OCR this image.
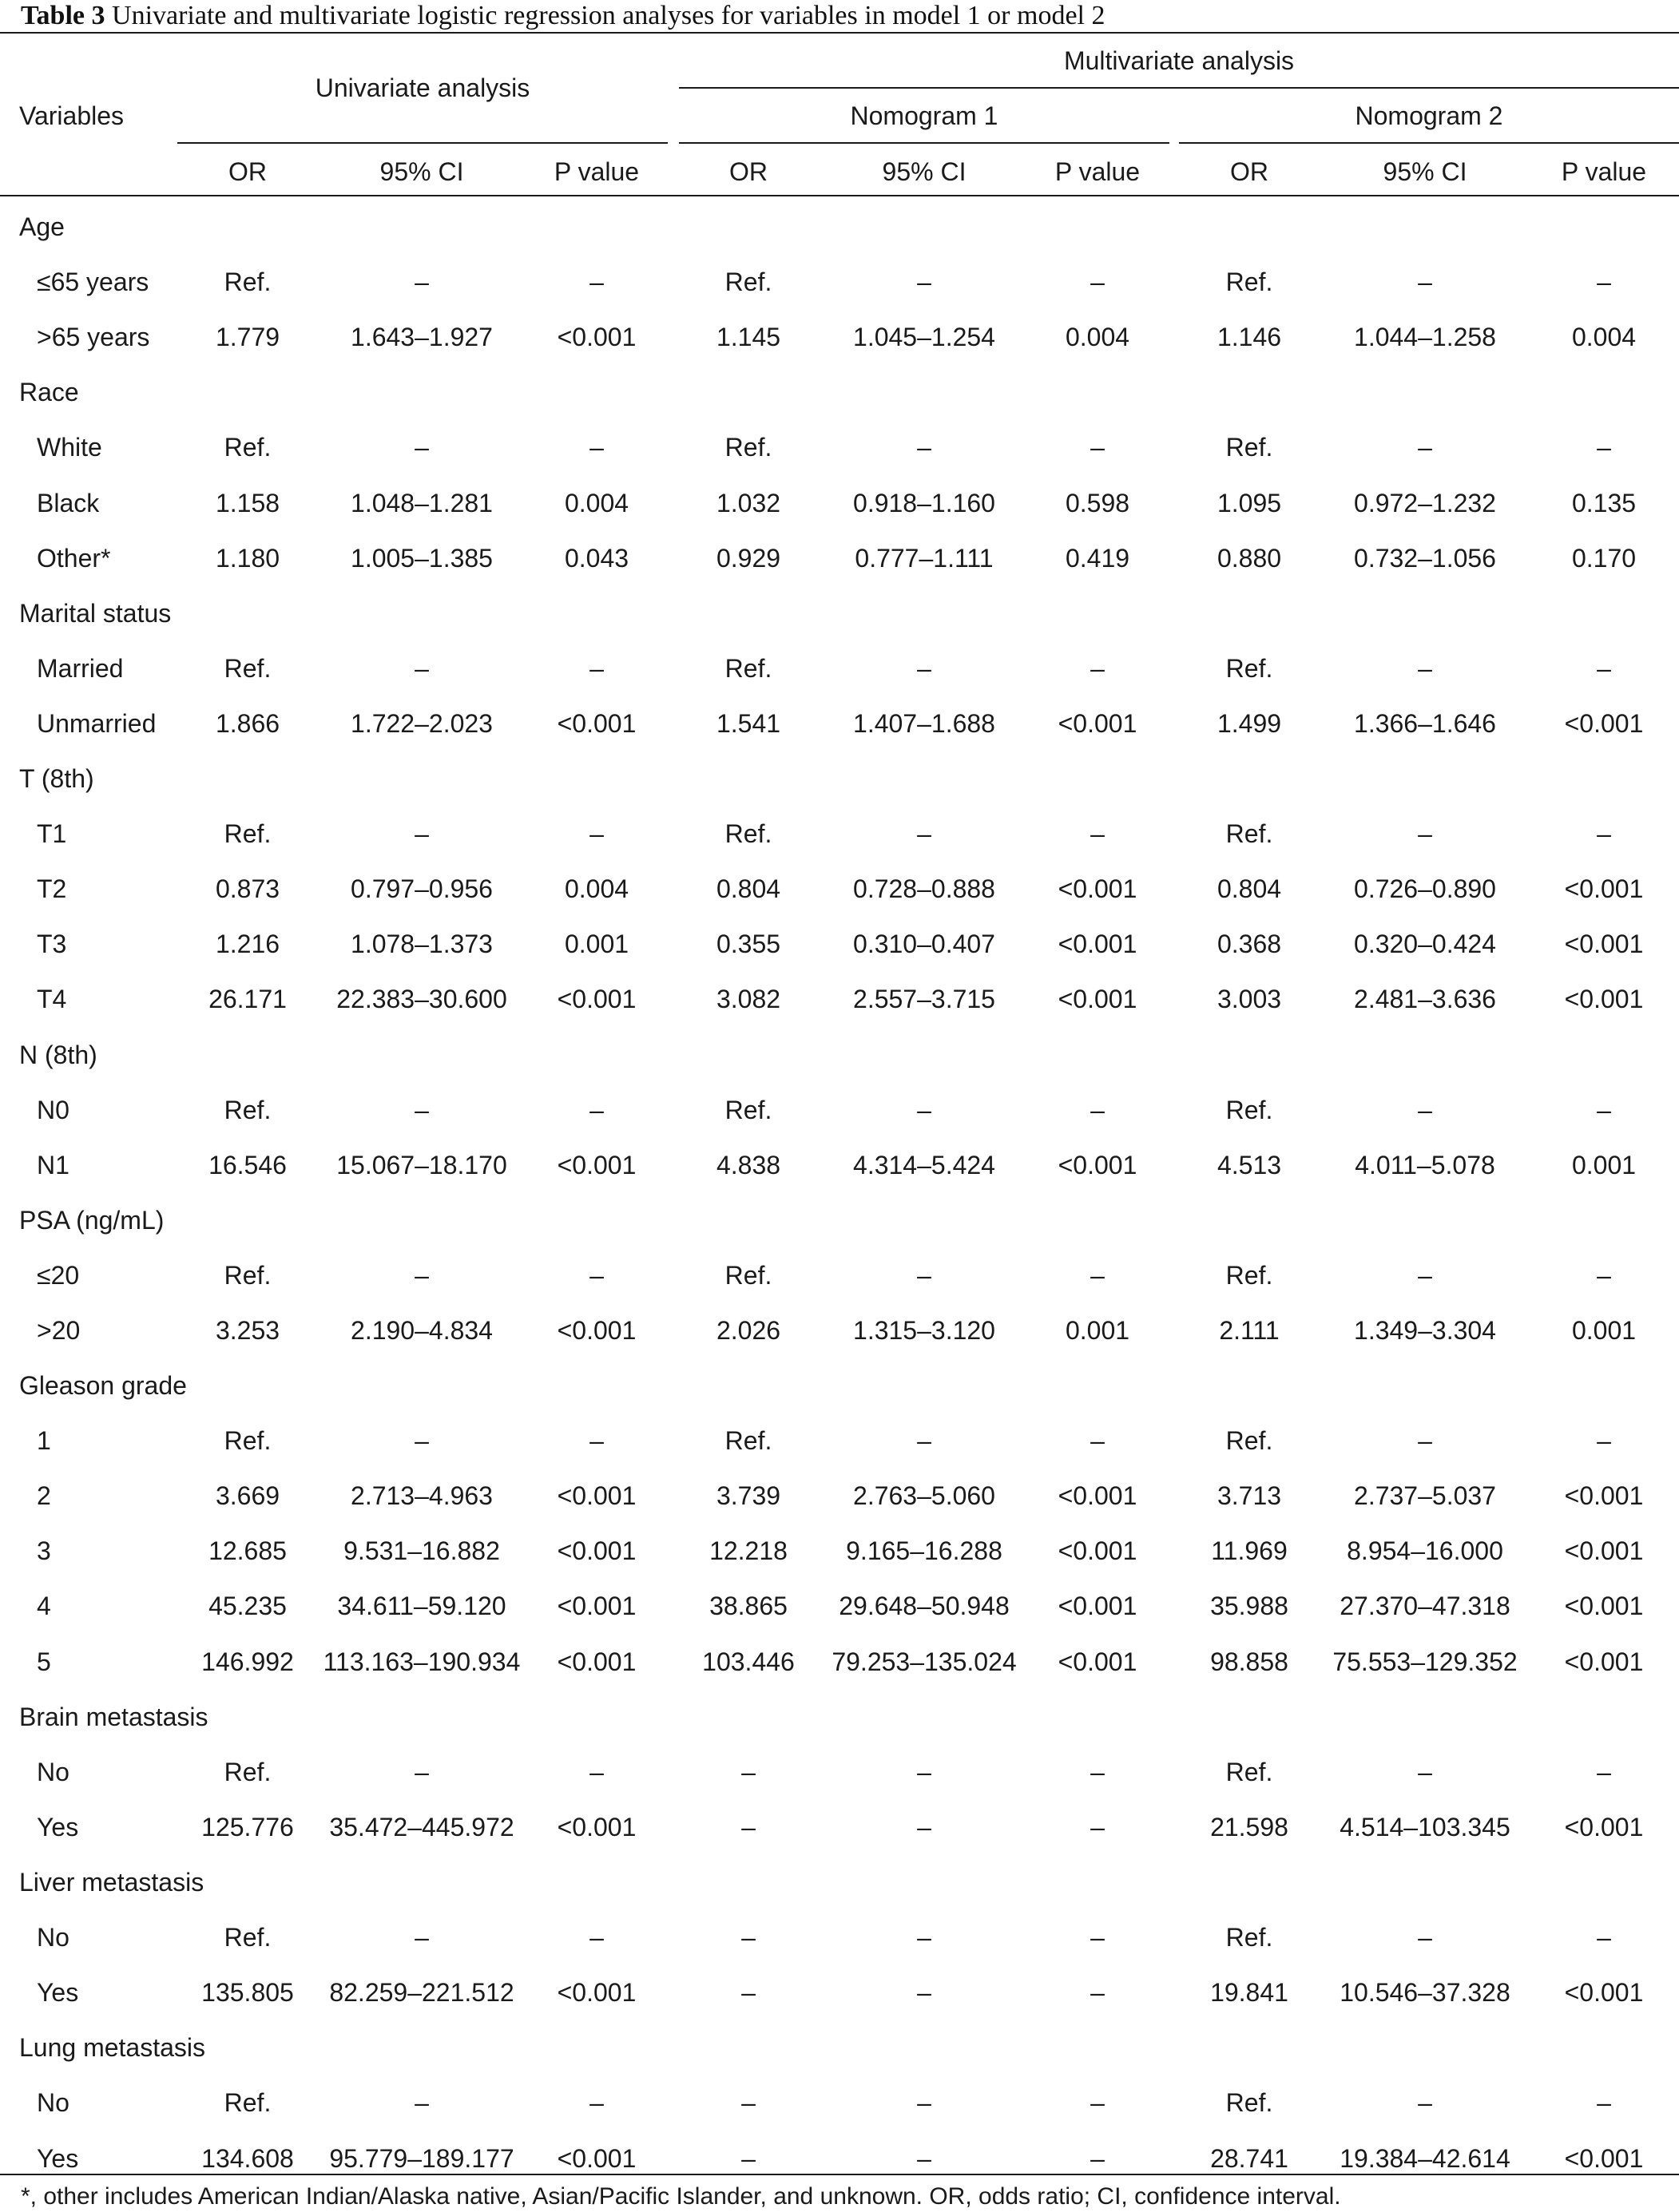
Table 3 Univariate and multivariate logistic regression analyses for variables in model 1 or model 2
Variables
Univariate analysis
Multivariate analysis
Nomogram 1	Nomogram 2
OR	95% CI	P value	OR	95% CI	P value	OR	95% CI	P value
Age
≤65 years	Ref.	–	–	Ref.	–	–	Ref.	–	–
>65 years	1.779	1.643–1.927	<0.001	1.145	1.045–1.254	0.004	1.146	1.044–1.258	0.004
Race
White	Ref.	–	–	Ref.	–	–	Ref.	–	–
Black	1.158	1.048–1.281	0.004	1.032	0.918–1.160	0.598	1.095	0.972–1.232	0.135
Other*	1.180	1.005–1.385	0.043	0.929	0.777–1.111	0.419	0.880	0.732–1.056	0.170
Marital status
Married	Ref.	–	–	Ref.	–	–	Ref.	–	–
Unmarried	1.866	1.722–2.023	<0.001	1.541	1.407–1.688	<0.001	1.499	1.366–1.646	<0.001
T (8th)
T1	Ref.	–	–	Ref.	–	–	Ref.	–	–
T2	0.873	0.797–0.956	0.004	0.804	0.728–0.888	<0.001	0.804	0.726–0.890	<0.001
T3	1.216	1.078–1.373	0.001	0.355	0.310–0.407	<0.001	0.368	0.320–0.424	<0.001
T4	26.171	22.383–30.600	<0.001	3.082	2.557–3.715	<0.001	3.003	2.481–3.636	<0.001
N (8th)
N0	Ref.	–	–	Ref.	–	–	Ref.	–	–
N1	16.546	15.067–18.170	<0.001	4.838	4.314–5.424	<0.001	4.513	4.011–5.078	0.001
PSA (ng/mL)
≤20	Ref.	–	–	Ref.	–	–	Ref.	–	–
>20	3.253	2.190–4.834	<0.001	2.026	1.315–3.120	0.001	2.111	1.349–3.304	0.001
Gleason grade
1	Ref.	–	–	Ref.	–	–	Ref.	–	–
2	3.669	2.713–4.963	<0.001	3.739	2.763–5.060	<0.001	3.713	2.737–5.037	<0.001
3	12.685	9.531–16.882	<0.001	12.218	9.165–16.288	<0.001	11.969	8.954–16.000	<0.001
4	45.235	34.611–59.120	<0.001	38.865	29.648–50.948	<0.001	35.988	27.370–47.318	<0.001
5	146.992	113.163–190.934	<0.001	103.446	79.253–135.024	<0.001	98.858	75.553–129.352	<0.001
Brain metastasis
No	Ref.	–	–	–	–	–	Ref.	–	–
Yes	125.776	35.472–445.972	<0.001	–	–	–	21.598	4.514–103.345	<0.001
Liver metastasis
No	Ref.	–	–	–	–	–	Ref.	–	–
Yes	135.805	82.259–221.512	<0.001	–	–	–	19.841	10.546–37.328	<0.001
Lung metastasis
No	Ref.	–	–	–	–	–	Ref.	–	–
Yes	134.608	95.779–189.177	<0.001	–	–	–	28.741	19.384–42.614	<0.001
*, other includes American Indian/Alaska native, Asian/Pacific Islander, and unknown. OR, odds ratio; CI, confidence interval.
